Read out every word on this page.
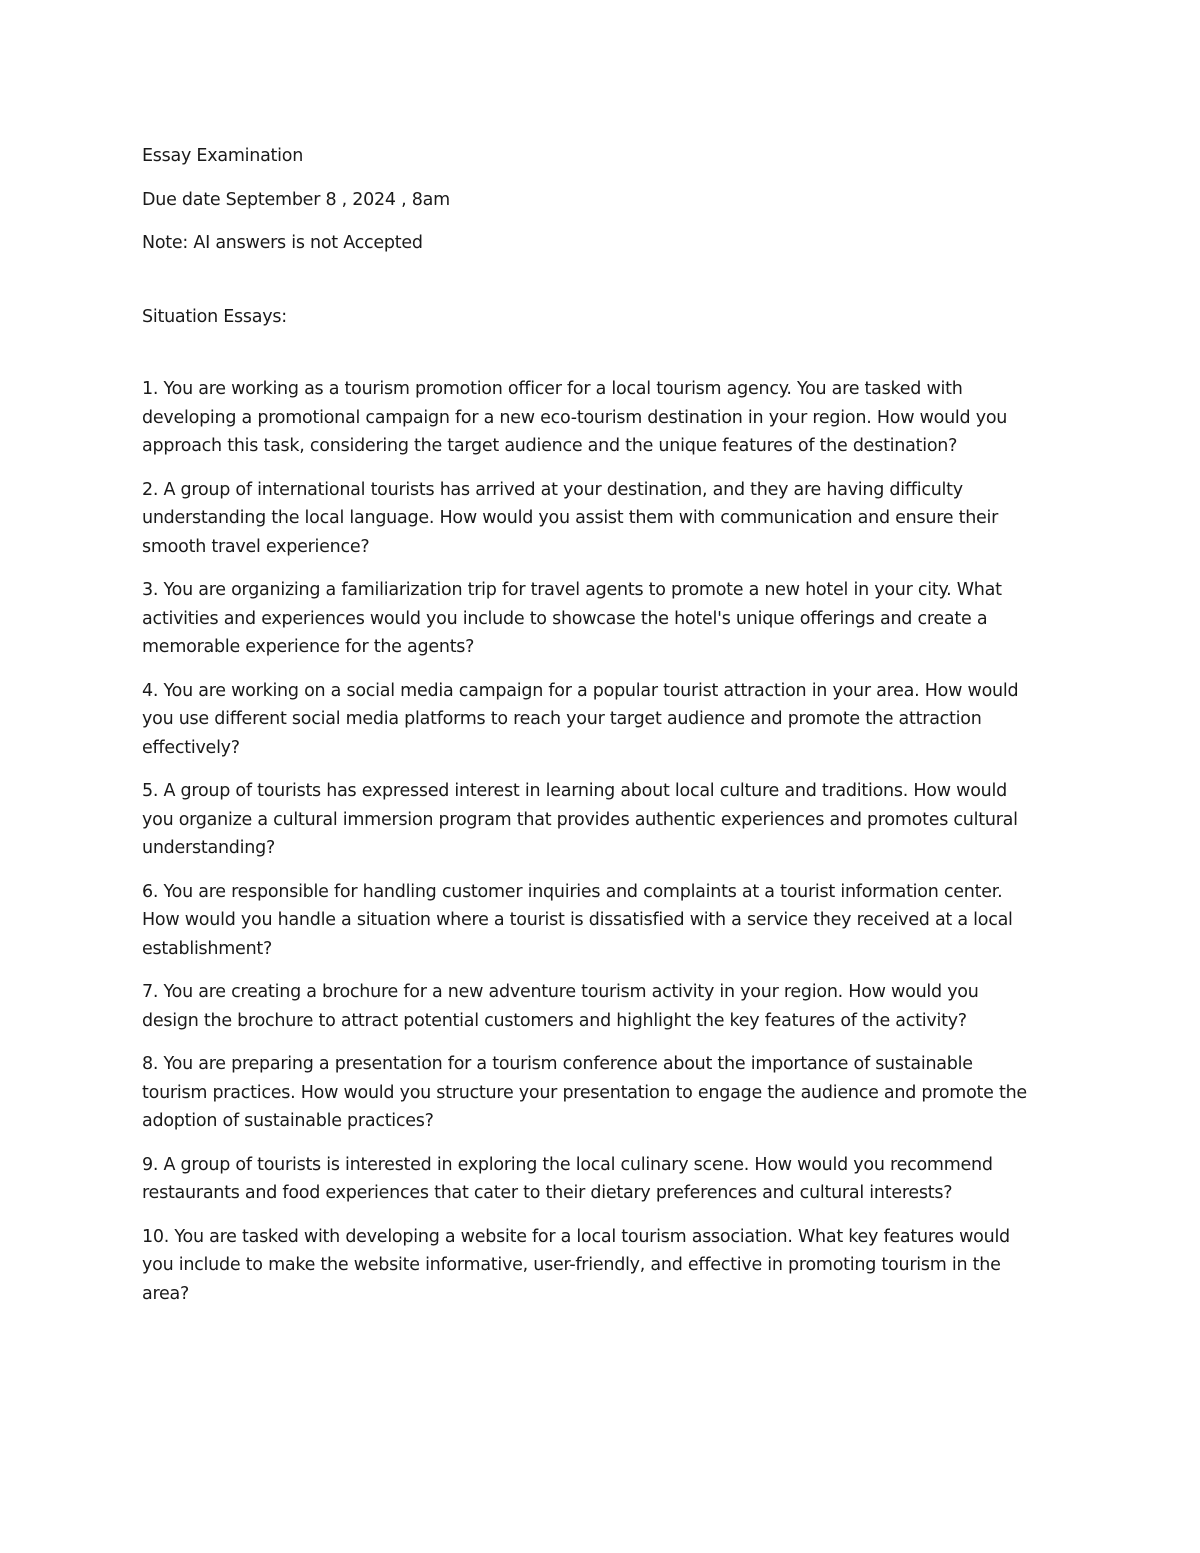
Essay Examination

Due date September 8 , 2024 , 8am

Note: AI answers is not Accepted

Situation Essays:

1. You are working as a tourism promotion officer for a local tourism agency. You are tasked with

developing a promotional campaign for a new eco-tourism destination in your region. How would you

approach this task, considering the target audience and the unique features of the destination?

2. A group of international tourists has arrived at your destination, and they are having difficulty

understanding the local language. How would you assist them with communication and ensure their

smooth travel experience?

3. You are organizing a familiarization trip for travel agents to promote a new hotel in your city. What

activities and experiences would you include to showcase the hotel's unique offerings and create a

memorable experience for the agents?

4. You are working on a social media campaign for a popular tourist attraction in your area. How would

you use different social media platforms to reach your target audience and promote the attraction

effectively?

5. A group of tourists has expressed interest in learning about local culture and traditions. How would

you organize a cultural immersion program that provides authentic experiences and promotes cultural

understanding?

6. You are responsible for handling customer inquiries and complaints at a tourist information center.

How would you handle a situation where a tourist is dissatisfied with a service they received at a local

establishment?

7. You are creating a brochure for a new adventure tourism activity in your region. How would you

design the brochure to attract potential customers and highlight the key features of the activity?

8. You are preparing a presentation for a tourism conference about the importance of sustainable

tourism practices. How would you structure your presentation to engage the audience and promote the

adoption of sustainable practices?

9. A group of tourists is interested in exploring the local culinary scene. How would you recommend

restaurants and food experiences that cater to their dietary preferences and cultural interests?

10. You are tasked with developing a website for a local tourism association. What key features would

you include to make the website informative, user-friendly, and effective in promoting tourism in the

area?
